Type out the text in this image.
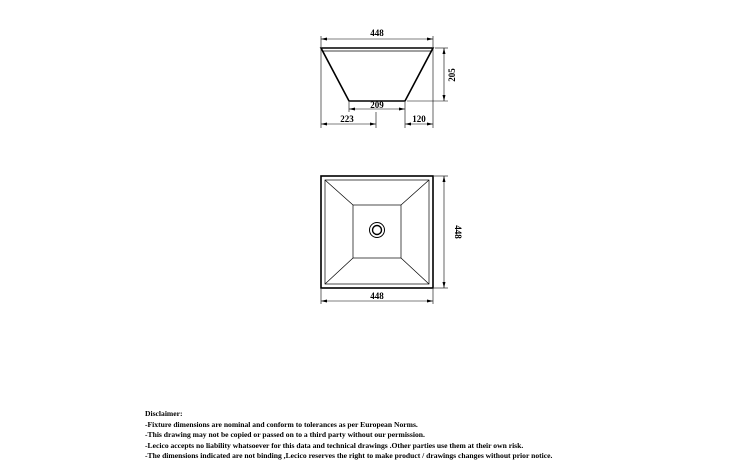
448
205
209
223	120
448
448
Disclaimer:
-Fixture dimensions are nominal and conform to tolerances as per European Norms.
-This drawing may not be copied or passed on to a third party without our permission.
-Lecico accepts no liability whatsoever for this data and technical drawings .Other parties use them at their own risk.
-The dimensions indicated are not binding ,Lecico reserves the right to make product / drawings changes without prior notice.
